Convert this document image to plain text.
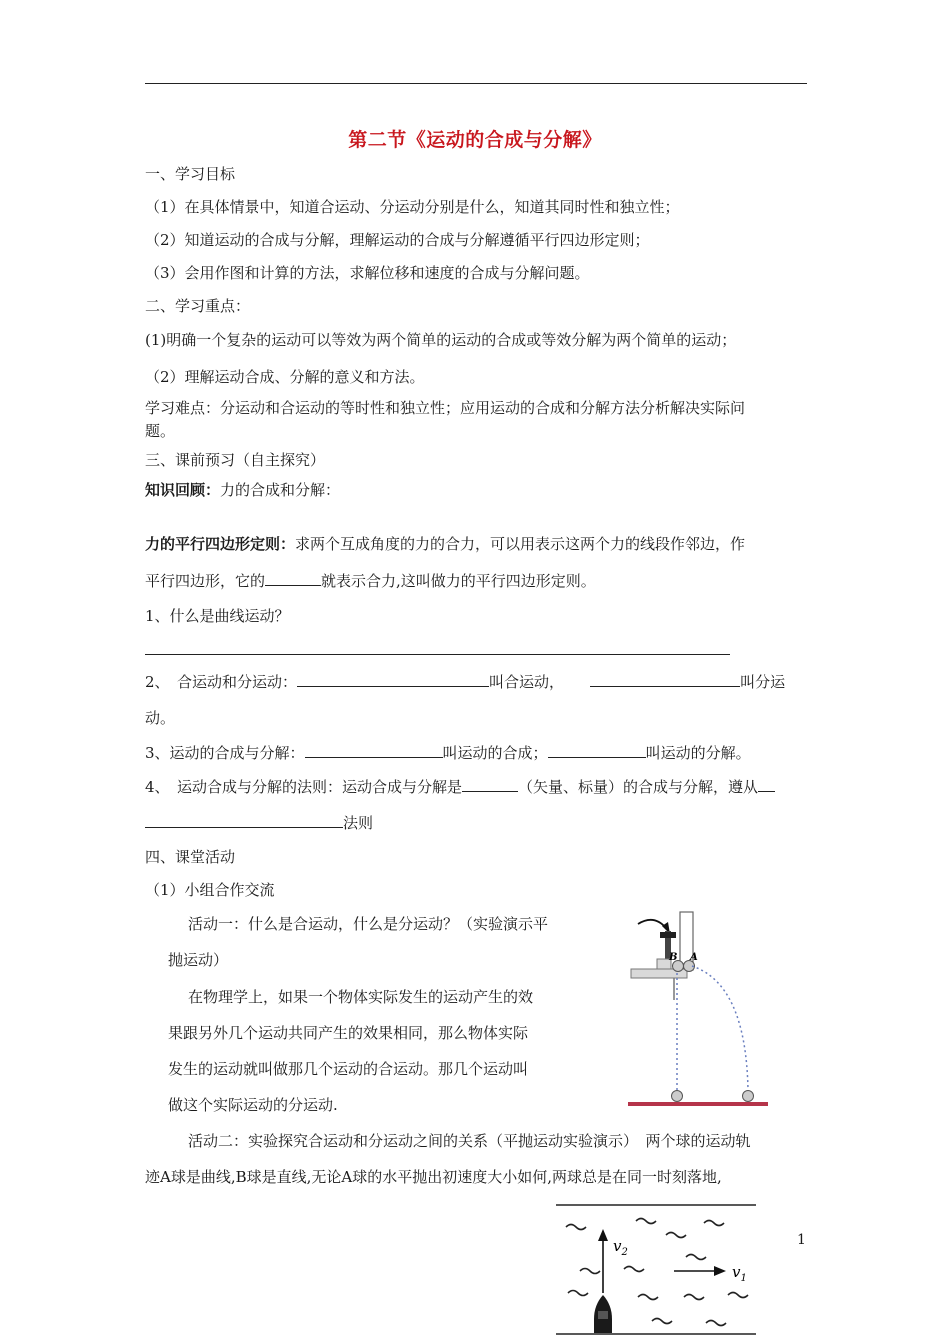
第二节《运动的合成与分解》
一、学习目标
（1）在具体情景中，知道合运动、分运动分别是什么，知道其同时性和独立性；
（2）知道运动的合成与分解，理解运动的合成与分解遵循平行四边形定则；
（3）会用作图和计算的方法，求解位移和速度的合成与分解问题。
二、学习重点：
(1)明确一个复杂的运动可以等效为两个简单的运动的合成或等效分解为两个简单的运动；
（2）理解运动合成、分解的意义和方法。
学习难点：分运动和合运动的等时性和独立性；应用运动的合成和分解方法分析解决实际问
题。
三、课前预习（自主探究）
知识回顾：力的合成和分解：
力的平行四边形定则：求两个互成角度的力的合力，可以用表示这两个力的线段作邻边，作
平行四边形，它的	就表示合力,这叫做力的平行四边形定则。
1、什么是曲线运动？
2、　合运动和分运动：	叫合运动，	叫分运
动。
3、运动的合成与分解：	叫运动的合成；	叫运动的分解。
4、　运动合成与分解的法则：运动合成与分解是	（矢量、标量）的合成与分解，遵从
法则
四、课堂活动
（1）小组合作交流
活动一：什么是合运动，什么是分运动？（实验演示平
抛运动）
在物理学上，如果一个物体实际发生的运动产生的效
果跟另外几个运动共同产生的效果相同，那么物体实际
发生的运动就叫做那几个运动的合运动。那几个运动叫
做这个实际运动的分运动.
活动二：实验探究合运动和分运动之间的关系（平抛运动实验演示）　两个球的运动轨
迹A球是曲线,B球是直线,无论A球的水平抛出初速度大小如何,两球总是在同一时刻落地,
B A
$v_2$
$v_1$
1
